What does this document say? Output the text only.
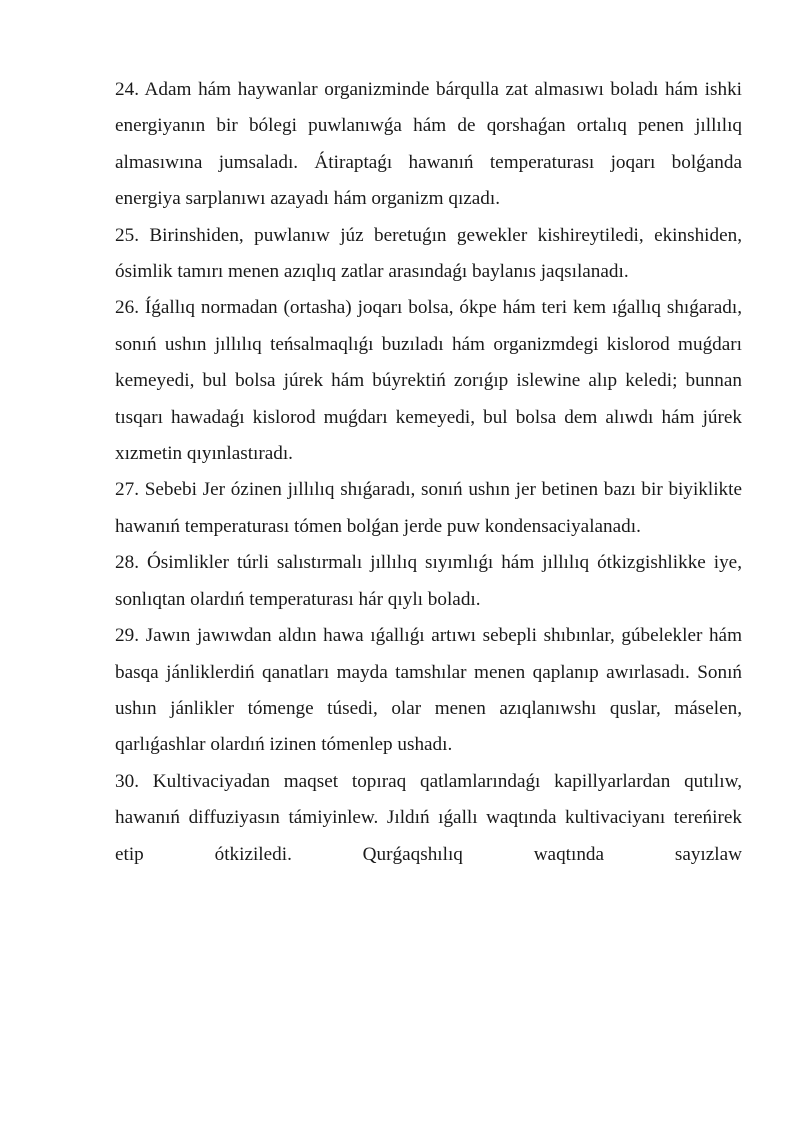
24. Adam hám haywanlar organizminde bárqulla zat almasıwı boladı hám ishki energiyanın bir bólegi puwlanıwǵa hám de qorshaǵan ortalıq penen jıllılıq almasıwına jumsaladı. Átiraptaǵı hawanıń temperaturası joqarı bolǵanda energiya sarplanıwı azayadı hám organizm qızadı.

25. Birinshiden, puwlanıw júz beretuǵın gewekler kishireytiledi, ekinshiden, ósimlik tamırı menen azıqlıq zatlar arasındaǵı baylanıs jaqsılanadı.

26. Íǵallıq normadan (ortasha) joqarı bolsa, ókpe hám teri kem ıǵallıq shıǵaradı, sonıń ushın jıllılıq teńsalmaqlıǵı buzıladı hám organizmdegi kislorod muǵdarı kemeyedi, bul bolsa júrek hám búyrektiń zorıǵıp islewine alıp keledi; bunnan tısqarı hawadaǵı kislorod muǵdarı kemeyedi, bul bolsa dem alıwdı hám júrek xızmetin qıyınlastıradı.

27. Sebebi Jer ózinen jıllılıq shıǵaradı, sonıń ushın jer betinen bazı bir biyiklikte hawanıń temperaturası tómen bolǵan jerde puw kondensaciyalanadı.

28. Ósimlikler túrli salıstırmalı jıllılıq sıyımlıǵı hám jıllılıq ótkizgishlikke iye, sonlıqtan olardıń temperaturası hár qıylı boladı.

29. Jawın jawıwdan aldın hawa ıǵallıǵı artıwı sebepli shıbınlar, gúbelekler hám basqa jánliklerdiń qanatları mayda tamshılar menen qaplanıp awırlasadı. Sonıń ushın jánlikler tómenge túsedi, olar menen azıqlanıwshı quslar, máselen, qarlıǵashlar olardıń izinen tómenlep ushadı.

30. Kultivaciyadan maqset topıraq qatlamlarındaǵı kapillyarlardan qutılıw, hawanıń diffuziyasın támiyinlew. Jıldıń ıǵallı waqtında kultivaciyanı tereńirek etip ótkiziledi. Qurǵaqshılıq waqtında sayızlaw
